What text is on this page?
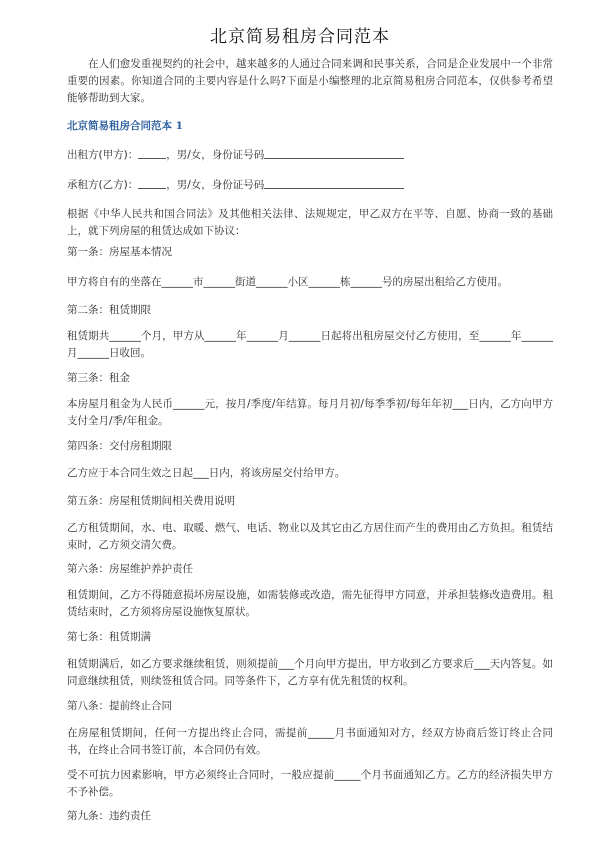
北京简易租房合同范本
在人们愈发重视契约的社会中，越来越多的人通过合同来调和民事关系，合同是企业发展中一个非常重要的因素。你知道合同的主要内容是什么吗?下面是小编整理的北京简易租房合同范本，仅供参考希望能够帮助到大家。
北京简易租房合同范本 1
出租方(甲方)：	，男/女，身份证号码
承租方(乙方)：	，男/女，身份证号码
根据《中华人民共和国合同法》及其他相关法律、法规规定，甲乙双方在平等、自愿、协商一致的基础上，就下列房屋的租赁达成如下协议：
第一条：房屋基本情况
甲方将自有的坐落在______市______街道______小区______栋______号的房屋出租给乙方使用。
第二条：租赁期限
租赁期共______个月，甲方从______年______月______日起将出租房屋交付乙方使用，至______年______月______日收回。
第三条：租金
本房屋月租金为人民币______元，按月/季度/年结算。每月月初/每季季初/每年年初___日内，乙方向甲方支付全月/季/年租金。
第四条：交付房租期限
乙方应于本合同生效之日起___日内，将该房屋交付给甲方。
第五条：房屋租赁期间相关费用说明
乙方租赁期间，水、电、取暖、燃气、电话、物业以及其它由乙方居住而产生的费用由乙方负担。租赁结束时，乙方须交清欠费。
第六条：房屋维护养护责任
租赁期间，乙方不得随意损坏房屋设施，如需装修或改造，需先征得甲方同意，并承担装修改造费用。租赁结束时，乙方须将房屋设施恢复原状。
第七条：租赁期满
租赁期满后，如乙方要求继续租赁，则须提前___个月向甲方提出，甲方收到乙方要求后___天内答复。如同意继续租赁，则续签租赁合同。同等条件下，乙方享有优先租赁的权利。
第八条：提前终止合同
在房屋租赁期间，任何一方提出终止合同，需提前_____月书面通知对方，经双方协商后签订终止合同书，在终止合同书签订前，本合同仍有效。
受不可抗力因素影响，甲方必须终止合同时，一般应提前_____个月书面通知乙方。乙方的经济损失甲方不予补偿。
第九条：违约责任
